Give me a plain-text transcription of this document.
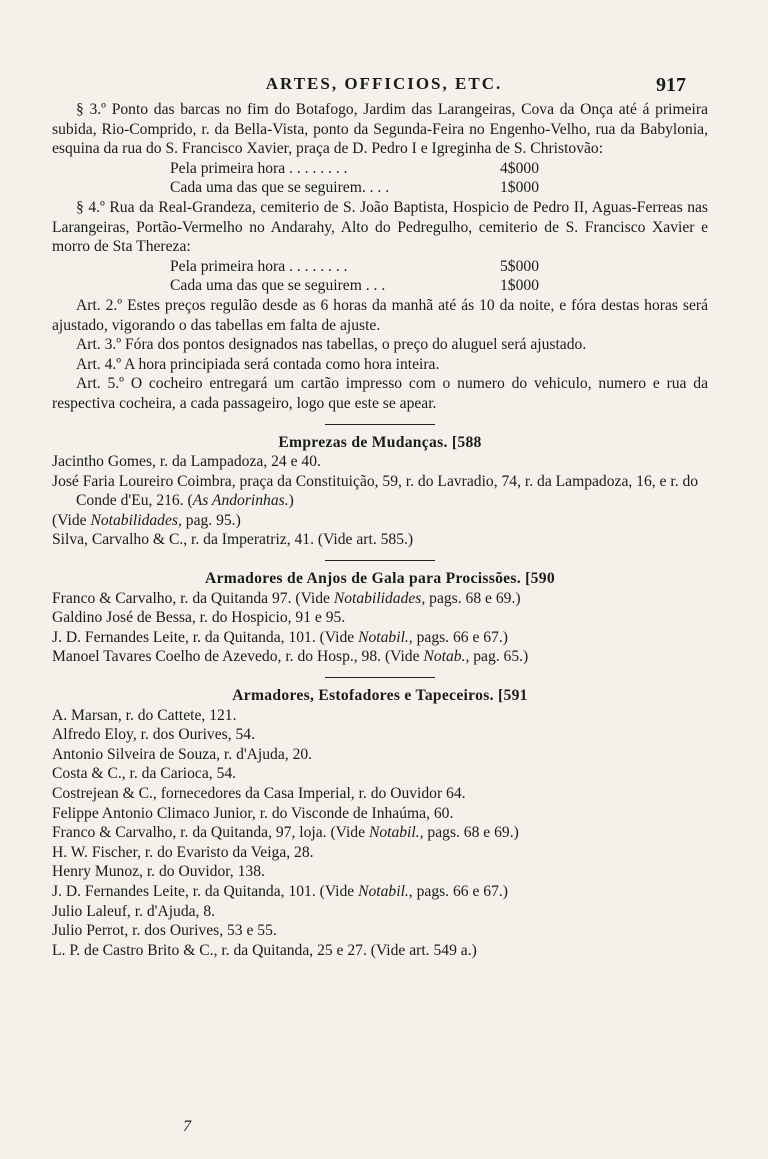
ARTES, OFFICIOS, ETC.	917

§ 3.º Ponto das barcas no fim do Botafogo, Jardim das Larangeiras, Cova da Onça até á primeira subida, Rio-Comprido, r. da Bella-Vista, ponto da Segunda-Feira no Engenho-Velho, rua da Babylonia, esquina da rua do S. Francisco Xavier, praça de D. Pedro I e Igreginha de S. Christovão:

Pela primeira hora . . . . . . . .	4$000
Cada uma das que se seguirem. . . .	1$000

§ 4.º Rua da Real-Grandeza, cemiterio de S. João Baptista, Hospicio de Pedro II, Aguas-Ferreas nas Larangeiras, Portão-Vermelho no Andarahy, Alto do Pedregulho, cemiterio de S. Francisco Xavier e morro de Sta Thereza:

Pela primeira hora . . . . . . . .	5$000
Cada uma das que se seguirem . . .	1$000

Art. 2.º Estes preços regulão desde as 6 horas da manhã até ás 10 da noite, e fóra destas horas será ajustado, vigorando o das tabellas em falta de ajuste.

Art. 3.º Fóra dos pontos designados nas tabellas, o preço do aluguel será ajustado.

Art. 4.º A hora principiada será contada como hora inteira.

Art. 5.º O cocheiro entregará um cartão impresso com o numero do vehiculo, numero e rua da respectiva cocheira, a cada passageiro, logo que este se apear.

Emprezas de Mudanças. [588

Jacintho Gomes, r. da Lampadoza, 24 e 40.

José Faria Loureiro Coimbra, praça da Constituição, 59, r. do Lavradio, 74, r. da Lampadoza, 16, e r. do Conde d'Eu, 216. (As Andorinhas.)

(Vide Notabilidades, pag. 95.)

Silva, Carvalho & C., r. da Imperatriz, 41. (Vide art. 585.)

Armadores de Anjos de Gala para Procissões. [590

Franco & Carvalho, r. da Quitanda 97. (Vide Notabilidades, pags. 68 e 69.)

Galdino José de Bessa, r. do Hospicio, 91 e 95.

J. D. Fernandes Leite, r. da Quitanda, 101. (Vide Notabil., pags. 66 e 67.)

Manoel Tavares Coelho de Azevedo, r. do Hosp., 98. (Vide Notab., pag. 65.)

Armadores, Estofadores e Tapeceiros. [591

A. Marsan, r. do Cattete, 121.

Alfredo Eloy, r. dos Ourives, 54.

Antonio Silveira de Souza, r. d'Ajuda, 20.

Costa & C., r. da Carioca, 54.

Costrejean & C., fornecedores da Casa Imperial, r. do Ouvidor 64.

Felippe Antonio Climaco Junior, r. do Visconde de Inhaúma, 60.

Franco & Carvalho, r. da Quitanda, 97, loja. (Vide Notabil., pags. 68 e 69.)

H. W. Fischer, r. do Evaristo da Veiga, 28.

Henry Munoz, r. do Ouvidor, 138.

J. D. Fernandes Leite, r. da Quitanda, 101. (Vide Notabil., pags. 66 e 67.)

Julio Laleuf, r. d'Ajuda, 8.

Julio Perrot, r. dos Ourives, 53 e 55.

L. P. de Castro Brito & C., r. da Quitanda, 25 e 27. (Vide art. 549 a.)

7
